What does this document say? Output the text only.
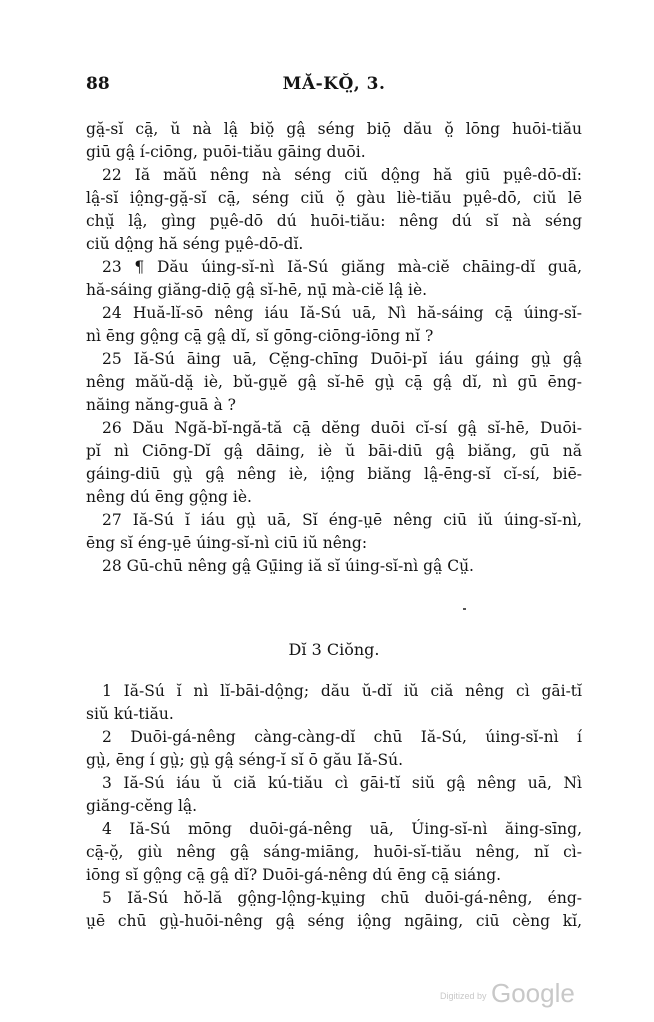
88	MĂ-KŎ̤, 3.
gă̤-sĭ cā̤, ŭ nà lâ̤ biŏ̤ gâ̤ séng biō̤ dău ŏ̤ lōng huōi-tiău
giū gâ̤ í-ciōng, puōi-tiău gāing duōi.
22 Iă măŭ nêng nà séng ciŭ dô̤ng hă giū pṳê-dō-dĭ:
lâ̤-sĭ iô̤ng-gă̤-sĭ cā̤, séng ciŭ ŏ̤ gàu liè-tiău pṳê-dō, ciŭ lē
chṳ̆ lâ̤, gìng pṳê-dō dú huōi-tiău: nêng dú sĭ nà séng
ciŭ dô̤ng hă séng pṳê-dō-dĭ.
23 ¶ Dău úing-sĭ-nì Iă-Sú giăng mà-ciĕ chāing-dĭ guā,
hă-sáing giăng-diō̤ gâ̤ sĭ-hē, nṳ̄ mà-ciĕ lâ̤ iè.
24 Huă-lĭ-sō nêng iáu Iă-Sú uā, Nì hă-sáing cā̤ úing-sĭ-
nì ēng gô̤ng cā̤ gâ̤ dĭ, sĭ gōng-ciōng-iōng nĭ ?
25 Iă-Sú āing uā, Cĕ̤ng-chīng Duōi-pĭ iáu gáing gṳ̀ gâ̤
nêng măŭ-dă̤ iè, bŭ-gṳĕ gâ̤ sĭ-hē gṳ̀ cā̤ gâ̤ dĭ, nì gū ēng-
năing năng-guā à ?
26 Dău Ngă-bĭ-ngă-tă cā̤ dĕng duōi cĭ-sí gâ̤ sĭ-hē, Duōi-
pĭ nì Ciōng-Dĭ gâ̤ dāing, iè ŭ bāi-diū gâ̤ biăng, gū nă
gáing-diū gṳ̀ gâ̤ nêng iè, iô̤ng biăng lâ̤-ēng-sĭ cĭ-sí, biē-
nêng dú ēng gô̤ng iè.
27 Iă-Sú ĭ iáu gṳ̀ uā, Sĭ éng-ṳē nêng ciū iŭ úing-sĭ-nì,
ēng sĭ éng-ṳē úing-sĭ-nì ciū iŭ nêng:
28 Gū-chū nêng gâ̤ Gṳ̄ing iă sĭ úing-sĭ-nì gâ̤ Cṳ̆.
Dĭ 3 Ciŏng.
1 Iă-Sú ĭ nì lĭ-bāi-dô̤ng; dău ŭ-dĭ iŭ ciă nêng cì gāi-tĭ
siŭ kú-tiău.
2 Duōi-gá-nêng càng-càng-dĭ chū Iă-Sú, úing-sĭ-nì í
gṳ̀, ēng í gṳ̀; gṳ̀ gâ̤ séng-ĭ sĭ ō gău Iă-Sú.
3 Iă-Sú iáu ŭ ciă kú-tiău cì gāi-tĭ siŭ gâ̤ nêng uā, Nì
giăng-cĕng lâ̤.
4 Iă-Sú mōng duōi-gá-nêng uā, Úing-sĭ-nì ăing-sīng,
cā̤-ŏ̤, giù nêng gâ̤ sáng-miāng, huōi-sĭ-tiău nêng, nĭ cì-
iōng sĭ gô̤ng cā̤ gâ̤ dĭ? Duōi-gá-nêng dú ēng cā̤ siáng.
5 Iă-Sú hŏ-lă gô̤ng-lô̤ng-kṳing chū duōi-gá-nêng, éng-
ṳē chū gṳ̀-huōi-nêng gâ̤ séng iô̤ng ngāing, ciū cèng kĭ,
Digitized by Google
